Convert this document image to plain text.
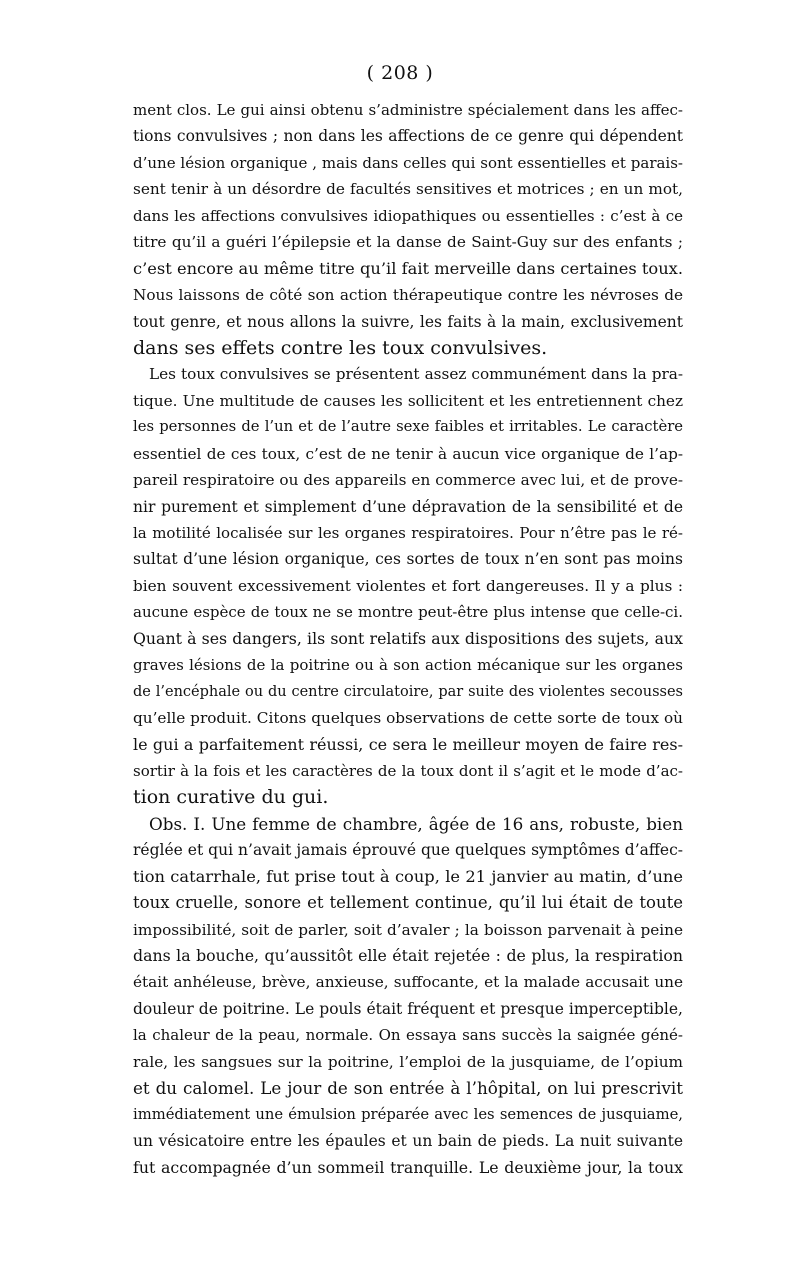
( 208 )
ment clos. Le gui ainsi obtenu s’administre spécialement dans les affec-
tions convulsives ; non dans les affections de ce genre qui dépendent
d’une lésion organique , mais dans celles qui sont essentielles et parais-
sent tenir à un désordre de facultés sensitives et motrices ; en un mot,
dans les affections convulsives idiopathiques ou essentielles : c’est à ce
titre qu’il a guéri l’épilepsie et la danse de Saint-Guy sur des enfants ;
c’est encore au même titre qu’il fait merveille dans certaines toux.
Nous laissons de côté son action thérapeutique contre les névroses de
tout genre, et nous allons la suivre, les faits à la main, exclusivement
dans ses effets contre les toux convulsives.
Les toux convulsives se présentent assez communément dans la pra-
tique. Une multitude de causes les sollicitent et les entretiennent chez
les personnes de l’un et de l’autre sexe faibles et irritables. Le caractère
essentiel de ces toux, c’est de ne tenir à aucun vice organique de l’ap-
pareil respiratoire ou des appareils en commerce avec lui, et de prove-
nir purement et simplement d’une dépravation de la sensibilité et de
la motilité localisée sur les organes respiratoires. Pour n’être pas le ré-
sultat d’une lésion organique, ces sortes de toux n’en sont pas moins
bien souvent excessivement violentes et fort dangereuses. Il y a plus :
aucune espèce de toux ne se montre peut-être plus intense que celle-ci.
Quant à ses dangers, ils sont relatifs aux dispositions des sujets, aux
graves lésions de la poitrine ou à son action mécanique sur les organes
de l’encéphale ou du centre circulatoire, par suite des violentes secousses
qu’elle produit. Citons quelques observations de cette sorte de toux où
le gui a parfaitement réussi, ce sera le meilleur moyen de faire res-
sortir à la fois et les caractères de la toux dont il s’agit et le mode d’ac-
tion curative du gui.
Obs. I. Une femme de chambre, âgée de 16 ans, robuste, bien
réglée et qui n’avait jamais éprouvé que quelques symptômes d’affec-
tion catarrhale, fut prise tout à coup, le 21 janvier au matin, d’une
toux cruelle, sonore et tellement continue, qu’il lui était de toute
impossibilité, soit de parler, soit d’avaler ; la boisson parvenait à peine
dans la bouche, qu’aussitôt elle était rejetée : de plus, la respiration
était anhéleuse, brève, anxieuse, suffocante, et la malade accusait une
douleur de poitrine. Le pouls était fréquent et presque imperceptible,
la chaleur de la peau, normale. On essaya sans succès la saignée géné-
rale, les sangsues sur la poitrine, l’emploi de la jusquiame, de l’opium
et du calomel. Le jour de son entrée à l’hôpital, on lui prescrivit
immédiatement une émulsion préparée avec les semences de jusquiame,
un vésicatoire entre les épaules et un bain de pieds. La nuit suivante
fut accompagnée d’un sommeil tranquille. Le deuxième jour, la toux
